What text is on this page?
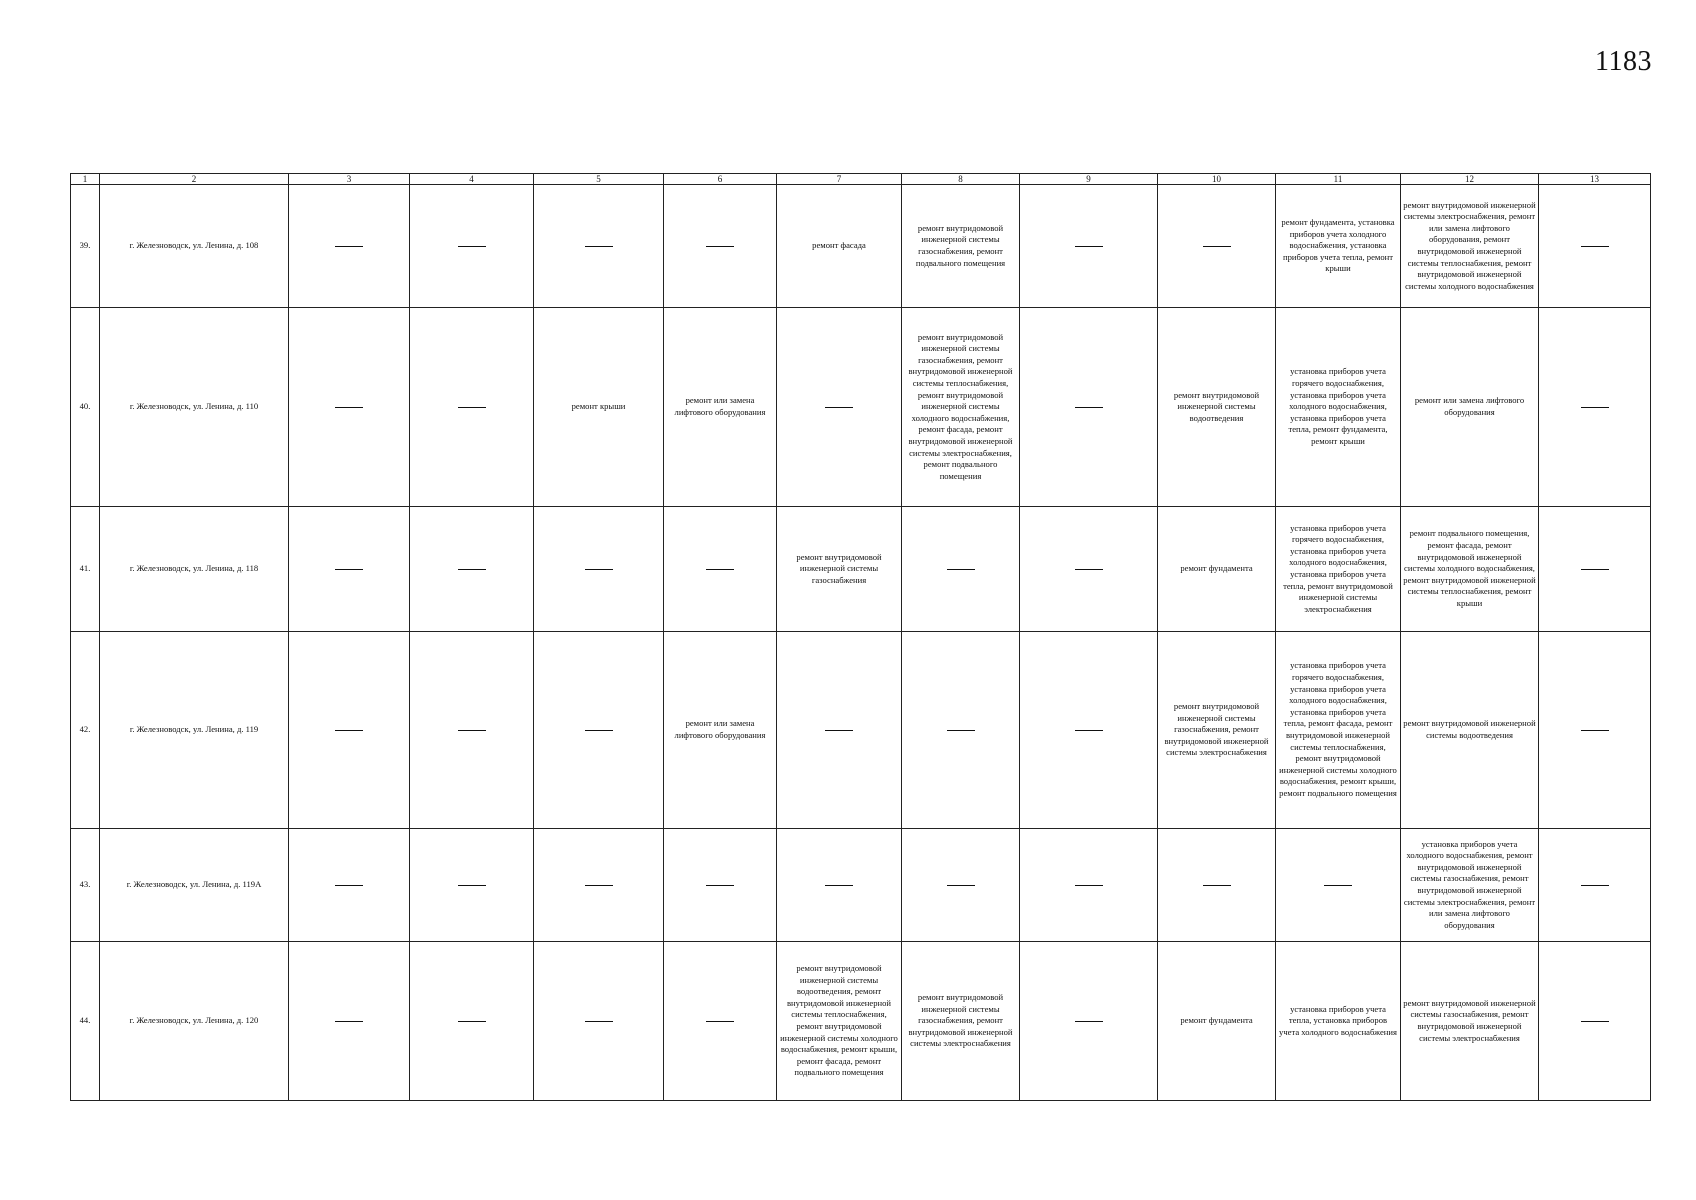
1183
1	2	3	4	5	6	7	8	9	10	11	12	13
39.	г. Железноводск, ул. Ленина, д. 108					ремонт фасада	ремонт внутридомовой инженерной системы газоснабжения, ремонт подвального помещения			ремонт фундамента, установка приборов учета холодного водоснабжения, установка приборов учета тепла, ремонт крыши	ремонт внутридомовой инженерной системы электроснабжения, ремонт или замена лифтового оборудования, ремонт внутридомовой инженерной системы теплоснабжения, ремонт внутридомовой инженерной системы холодного водоснабжения	
40.	г. Железноводск, ул. Ленина, д. 110			ремонт крыши	ремонт или замена лифтового оборудования		ремонт внутридомовой инженерной системы газоснабжения, ремонт внутридомовой инженерной системы теплоснабжения, ремонт внутридомовой инженерной системы холодного водоснабжения, ремонт фасада, ремонт внутридомовой инженерной системы электроснабжения, ремонт подвального помещения		ремонт внутридомовой инженерной системы водоотведения	установка приборов учета горячего водоснабжения, установка приборов учета холодного водоснабжения, установка приборов учета тепла, ремонт фундамента, ремонт крыши	ремонт или замена лифтового оборудования	
41.	г. Железноводск, ул. Ленина, д. 118					ремонт внутридомовой инженерной системы газоснабжения			ремонт фундамента	установка приборов учета горячего водоснабжения, установка приборов учета холодного водоснабжения, установка приборов учета тепла, ремонт внутридомовой инженерной системы электроснабжения	ремонт подвального помещения, ремонт фасада, ремонт внутридомовой инженерной системы холодного водоснабжения, ремонт внутридомовой инженерной системы теплоснабжения, ремонт крыши	
42.	г. Железноводск, ул. Ленина, д. 119				ремонт или замена лифтового оборудования				ремонт внутридомовой инженерной системы газоснабжения, ремонт внутридомовой инженерной системы электроснабжения	установка приборов учета горячего водоснабжения, установка приборов учета холодного водоснабжения, установка приборов учета тепла, ремонт фасада, ремонт внутридомовой инженерной системы теплоснабжения, ремонт внутридомовой инженерной системы холодного водоснабжения, ремонт крыши, ремонт подвального помещения	ремонт внутридомовой инженерной системы водоотведения	
43.	г. Железноводск, ул. Ленина, д. 119А										установка приборов учета холодного водоснабжения, ремонт внутридомовой инженерной системы газоснабжения, ремонт внутридомовой инженерной системы электроснабжения, ремонт или замена лифтового оборудования	
44.	г. Железноводск, ул. Ленина, д. 120					ремонт внутридомовой инженерной системы водоотведения, ремонт внутридомовой инженерной системы теплоснабжения, ремонт внутридомовой инженерной системы холодного водоснабжения, ремонт крыши, ремонт фасада, ремонт подвального помещения	ремонт внутридомовой инженерной системы газоснабжения, ремонт внутридомовой инженерной системы электроснабжения		ремонт фундамента	установка приборов учета тепла, установка приборов учета холодного водоснабжения	ремонт внутридомовой инженерной системы газоснабжения, ремонт внутридомовой инженерной системы электроснабжения	
